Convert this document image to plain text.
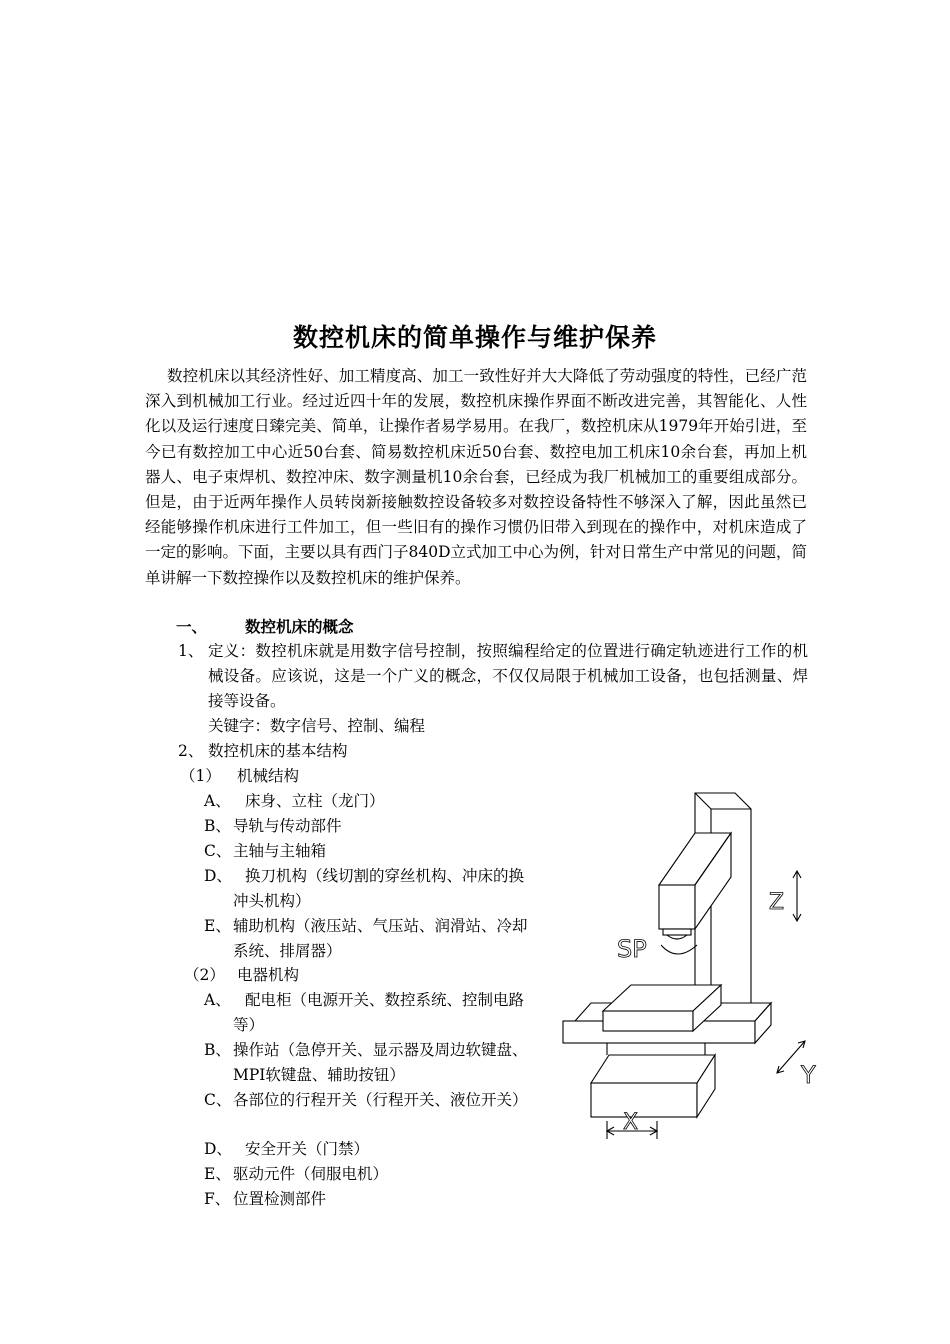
数控机床的简单操作与维护保养
数控机床以其经济性好、加工精度高、加工一致性好并大大降低了劳动强度的特性，已经广范深入到机械加工行业。经过近四十年的发展，数控机床操作界面不断改进完善，其智能化、人性化以及运行速度日臻完美、简单，让操作者易学易用。在我厂，数控机床从1979年开始引进，至今已有数控加工中心近50台套、简易数控机床近50台套、数控电加工机床10余台套，再加上机器人、电子束焊机、数控冲床、数字测量机10余台套，已经成为我厂机械加工的重要组成部分。但是，由于近两年操作人员转岗新接触数控设备较多对数控设备特性不够深入了解，因此虽然已经能够操作机床进行工件加工，但一些旧有的操作习惯仍旧带入到现在的操作中，对机床造成了一定的影响。下面，主要以具有西门子840D立式加工中心为例，针对日常生产中常见的问题，简单讲解一下数控操作以及数控机床的维护保养。
一、 数控机床的概念
1、 定义：数控机床就是用数字信号控制，按照编程给定的位置进行确定轨迹进行工作的机械设备。应该说，这是一个广义的概念，不仅仅局限于机械加工设备，也包括测量、焊接等设备。
关键字：数字信号、控制、编程
2、 数控机床的基本结构
（1） 机械结构
A、 床身、立柱（龙门）
B、 导轨与传动部件
C、 主轴与主轴箱
D、 换刀机构（线切割的穿丝机构、冲床的换冲头机构）
E、 辅助机构（液压站、气压站、润滑站、冷却系统、排屑器）
（2） 电器机构
A、 配电柜（电源开关、数控系统、控制电路等）
B、 操作站（急停开关、显示器及周边软键盘、MPI软键盘、辅助按钮）
C、 各部位的行程开关（行程开关、液位开关）
D、 安全开关（门禁）
E、 驱动元件（伺服电机）
F、 位置检测部件
SP
Z
Y
X
